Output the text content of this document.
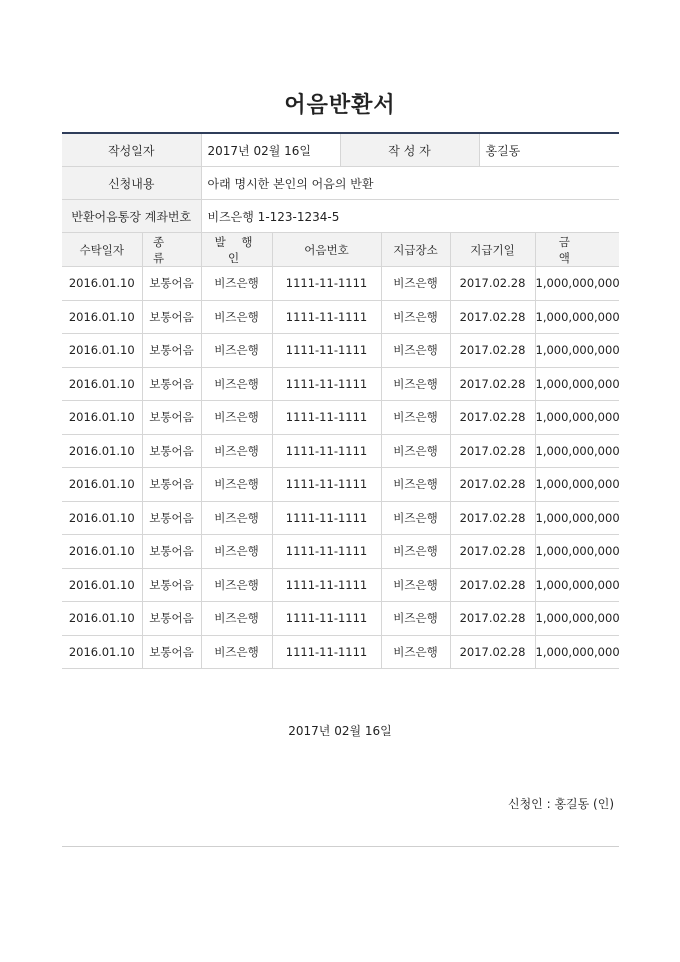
어음반환서
작성일자	2017년 02월 16일	작 성 자	홍길동
신청내용	아래 명시한 본인의 어음의 반환		
반환어음통장 계좌번호	비즈은행 1-123-1234-5		
수탁일자	종 류	발 행 인	어음번호	지급장소	지급기일	금 액
2016.01.10	보통어음	비즈은행	1111-11-1111	비즈은행	2017.02.28	1,000,000,000
2016.01.10	보통어음	비즈은행	1111-11-1111	비즈은행	2017.02.28	1,000,000,000
2016.01.10	보통어음	비즈은행	1111-11-1111	비즈은행	2017.02.28	1,000,000,000
2016.01.10	보통어음	비즈은행	1111-11-1111	비즈은행	2017.02.28	1,000,000,000
2016.01.10	보통어음	비즈은행	1111-11-1111	비즈은행	2017.02.28	1,000,000,000
2016.01.10	보통어음	비즈은행	1111-11-1111	비즈은행	2017.02.28	1,000,000,000
2016.01.10	보통어음	비즈은행	1111-11-1111	비즈은행	2017.02.28	1,000,000,000
2016.01.10	보통어음	비즈은행	1111-11-1111	비즈은행	2017.02.28	1,000,000,000
2016.01.10	보통어음	비즈은행	1111-11-1111	비즈은행	2017.02.28	1,000,000,000
2016.01.10	보통어음	비즈은행	1111-11-1111	비즈은행	2017.02.28	1,000,000,000
2016.01.10	보통어음	비즈은행	1111-11-1111	비즈은행	2017.02.28	1,000,000,000
2016.01.10	보통어음	비즈은행	1111-11-1111	비즈은행	2017.02.28	1,000,000,000
2017년 02월 16일
신청인 : 홍길동 (인)
